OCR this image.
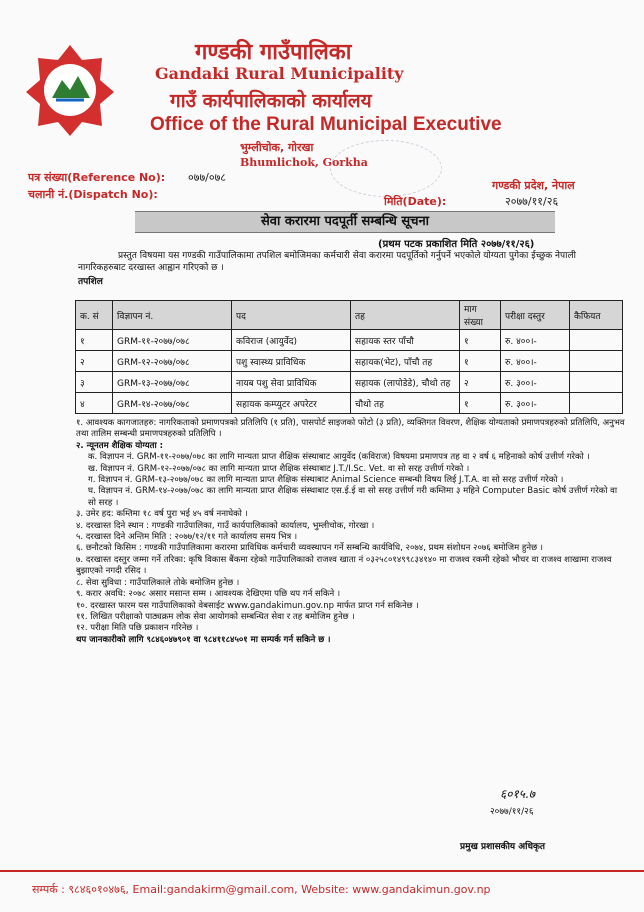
गण्डकी गाउँपालिका
Gandaki Rural Municipality
गाउँ कार्यपालिकाको कार्यालय
Office of the Rural Municipal Executive
भुम्लीचोक, गोरखा
Bhumlichok, Gorkha
पत्र संख्या(Reference No): ०७७/०७८
चलानी नं.(Dispatch No):
गण्डकी प्रदेश, नेपाल
मिति(Date):	२०७७/११/२६
सेवा करारमा पदपूर्ती सम्बन्धि सूचना
(प्रथम पटक प्रकाशित मिति २०७७/११/२६)
प्रस्तुत विषयमा यस गण्डकी गाउँपालिकामा तपशिल बमोजिमका कर्मचारी सेवा करारमा पदपूर्तिको गर्नुपर्ने भएकोले योग्यता पुगेका ईच्छुक नेपाली नागरिकहरुबाट दरखास्त आह्वान गरिएको छ ।
तपशिल
क. सं	विज्ञापन नं.	पद	तह	माग संख्या	परीक्षा दस्तुर	कैफियत
१	GRM-११-२०७७/०७८	कविराज (आयुर्वेद)	सहायक स्तर पाँचौ	१	रु. ४००।-	
२	GRM-१२-२०७७/०७८	पशु स्वास्थ्य प्राविधिक	सहायक(भेट), पाँचौ तह	१	रु. ४००।-	
३	GRM-१३-२०७७/०७८	नायब पशु सेवा प्राविधिक	सहायक (लापोडेडे), चौथो तह	२	रु. ३००।-	
४	GRM-१४-२०७७/०७८	सहायक कम्प्युटर अपरेटर	चौथो तह	१	रु. ३००।-	
१. आवश्यक कागजातहरु: नागरिकताको प्रमाणपत्रको प्रतिलिपि (१ प्रति), पासपोर्ट साइजको फोटो (३ प्रति), व्यक्तिगत विवरण, शैक्षिक योग्यताको प्रमाणपत्रहरुको प्रतिलिपि, अनुभव तथा तालिम सम्बन्धी प्रमाणपत्रहरुको प्रतिलिपि ।
२. न्यूनतम शैक्षिक योग्यता :
क. विज्ञापन नं. GRM-११-२०७७/०७८ का लागि मान्यता प्राप्त शैक्षिक संस्थाबाट आयुर्वेद (कविराज) विषयमा प्रमाणपत्र तह वा २ वर्ष ६ महिनाको कोर्ष उत्तीर्ण गरेको ।
ख. विज्ञापन नं. GRM-१२-२०७७/०७८ का लागि मान्यता प्राप्त शैक्षिक संस्थाबाट J.T./I.Sc. Vet. वा सो सरह उत्तीर्ण गरेको ।
ग. विज्ञापन नं. GRM-१३-२०७७/०७८ का लागि मान्यता प्राप्त शैक्षिक संस्थाबाट Animal Science सम्बन्धी विषय लिई J.T.A. वा सो सरह उत्तीर्ण गरेको ।
घ. विज्ञापन नं. GRM-१४-२०७७/०७८ का लागि मान्यता प्राप्त शैक्षिक संस्थाबाट एस.ई.ई वा सो सरह उत्तीर्ण गरी कम्तिमा ३ महिने Computer Basic कोर्ष उत्तीर्ण गरेको वा सो सरह ।
३. उमेर हद: कम्तिमा १८ वर्ष पुरा भई ४५ वर्ष ननाघेको ।
४. दरखास्त दिने स्थान : गण्डकी गाउँपालिका, गाउँ कार्यपालिकाको कार्यालय, भुम्लीचोक, गोरखा ।
५. दरखास्त दिने अन्तिम मिति : २०७७/१२/११ गते कार्यालय समय भित्र ।
६. छनौटको किसिम : गण्डकी गाउँपालिकामा करारमा प्राविधिक कर्मचारी व्यवस्थापन गर्ने सम्बन्धि कार्यविधि, २०७४, प्रथम संशोधन २०७६ बमोजिम हुनेछ ।
७. दरखास्त दस्तुर जम्मा गर्ने तरिका: कृषि विकास बैंकमा रहेको गाउँपालिकाको राजश्व खाता नं ०३२५८०१४९९८३४१४० मा राजश्व रकमी रहेको भौचर वा राजश्व शाखामा राजश्व बुझाएको नगदी रसिद ।
८. सेवा सुविधा : गाउँपालिकाले तोके बमोजिम हुनेछ ।
९. करार अवधि: २०७८ असार मसान्त सम्म । आवश्यक देखिएमा पछि थप गर्न सकिने ।
१०. दरखास्त फारम यस गाउँपालिकाको वेबसाईट www.gandakimun.gov.np मार्फत प्राप्त गर्न सकिनेछ ।
११. लिखित परीक्षाको पाठ्यक्रम लोक सेवा आयोगको सम्बन्धित सेवा र तह बमोजिम हुनेछ ।
१२. परीक्षा मिति पछि प्रकाशन गरिनेछ ।
थप जानकारीको लागि ९८४६०४७९०१ वा ९८४११८४५०१ मा सम्पर्क गर्न सकिने छ ।
६०१५.७
२०७७/११/२६
प्रमुख प्रशासकीय अधिकृत
सम्पर्क : ९८४६०१०४७६, Email:gandakirm@gmail.com, Website: www.gandakimun.gov.np
